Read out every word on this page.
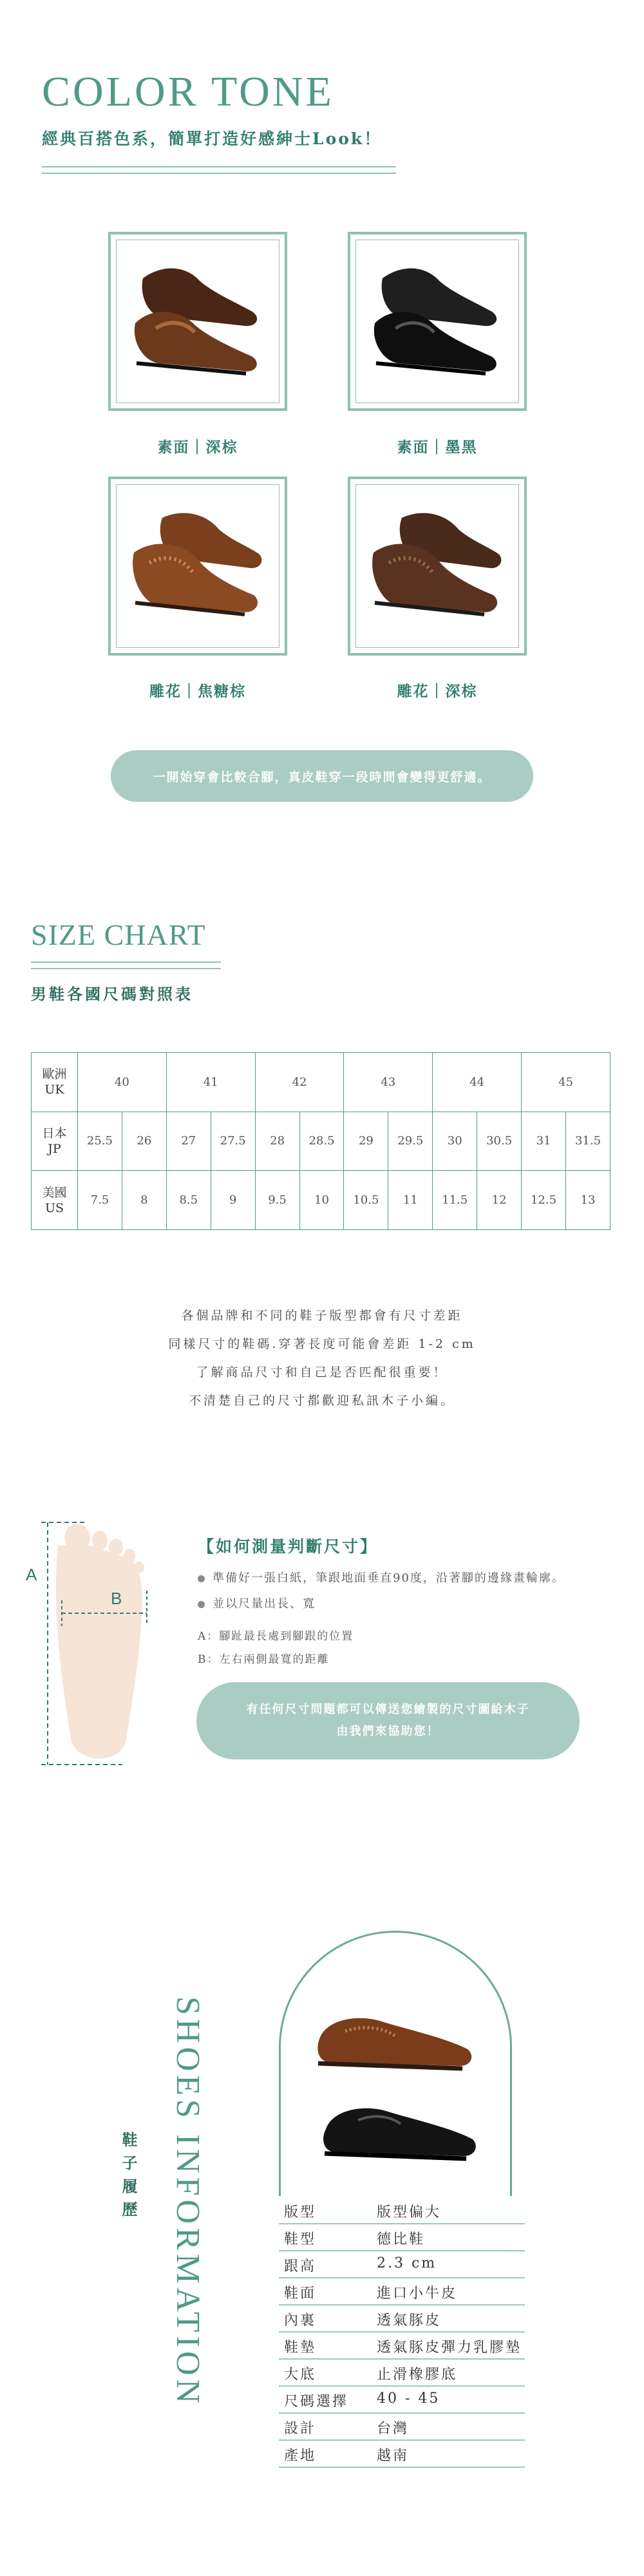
COLOR TONE
經典百搭色系，簡單打造好感紳士Look！
素面｜深棕	素面｜墨黑
雕花｜焦糖棕	雕花｜深棕
一開始穿會比較合腳，真皮鞋穿一段時間會變得更舒適。
SIZE CHART
男鞋各國尺碼對照表
歐洲
UK	40		41		42		43		44		45	
日本
JP	25.5	26	27	27.5	28	28.5	29	29.5	30	30.5	31	31.5
美國
US	7.5	8	8.5	9	9.5	10	10.5	11	11.5	12	12.5	13
各個品牌和不同的鞋子版型都會有尺寸差距
同樣尺寸的鞋碼.穿著長度可能會差距 1-2 cm
了解商品尺寸和自己是否匹配很重要！
不清楚自己的尺寸都歡迎私訊木子小編。
A
B
【如何測量判斷尺寸】
準備好一張白紙，筆跟地面垂直90度，沿著腳的邊緣畫輪廓。
並以尺量出長、寬
A：腳趾最長處到腳跟的位置
B：左右兩側最寬的距離
有任何尺寸問題都可以傳送您繪製的尺寸圖給木子
由我們來協助您！
SHOES INFORMATION
鞋子履歷	版型	版型偏大
鞋型	德比鞋
跟高	2.3 cm
鞋面	進口小牛皮
內裏	透氣豚皮
鞋墊	透氣豚皮彈力乳膠墊
大底	止滑橡膠底
尺碼選擇 40 - 45
設計	台灣
產地	越南
